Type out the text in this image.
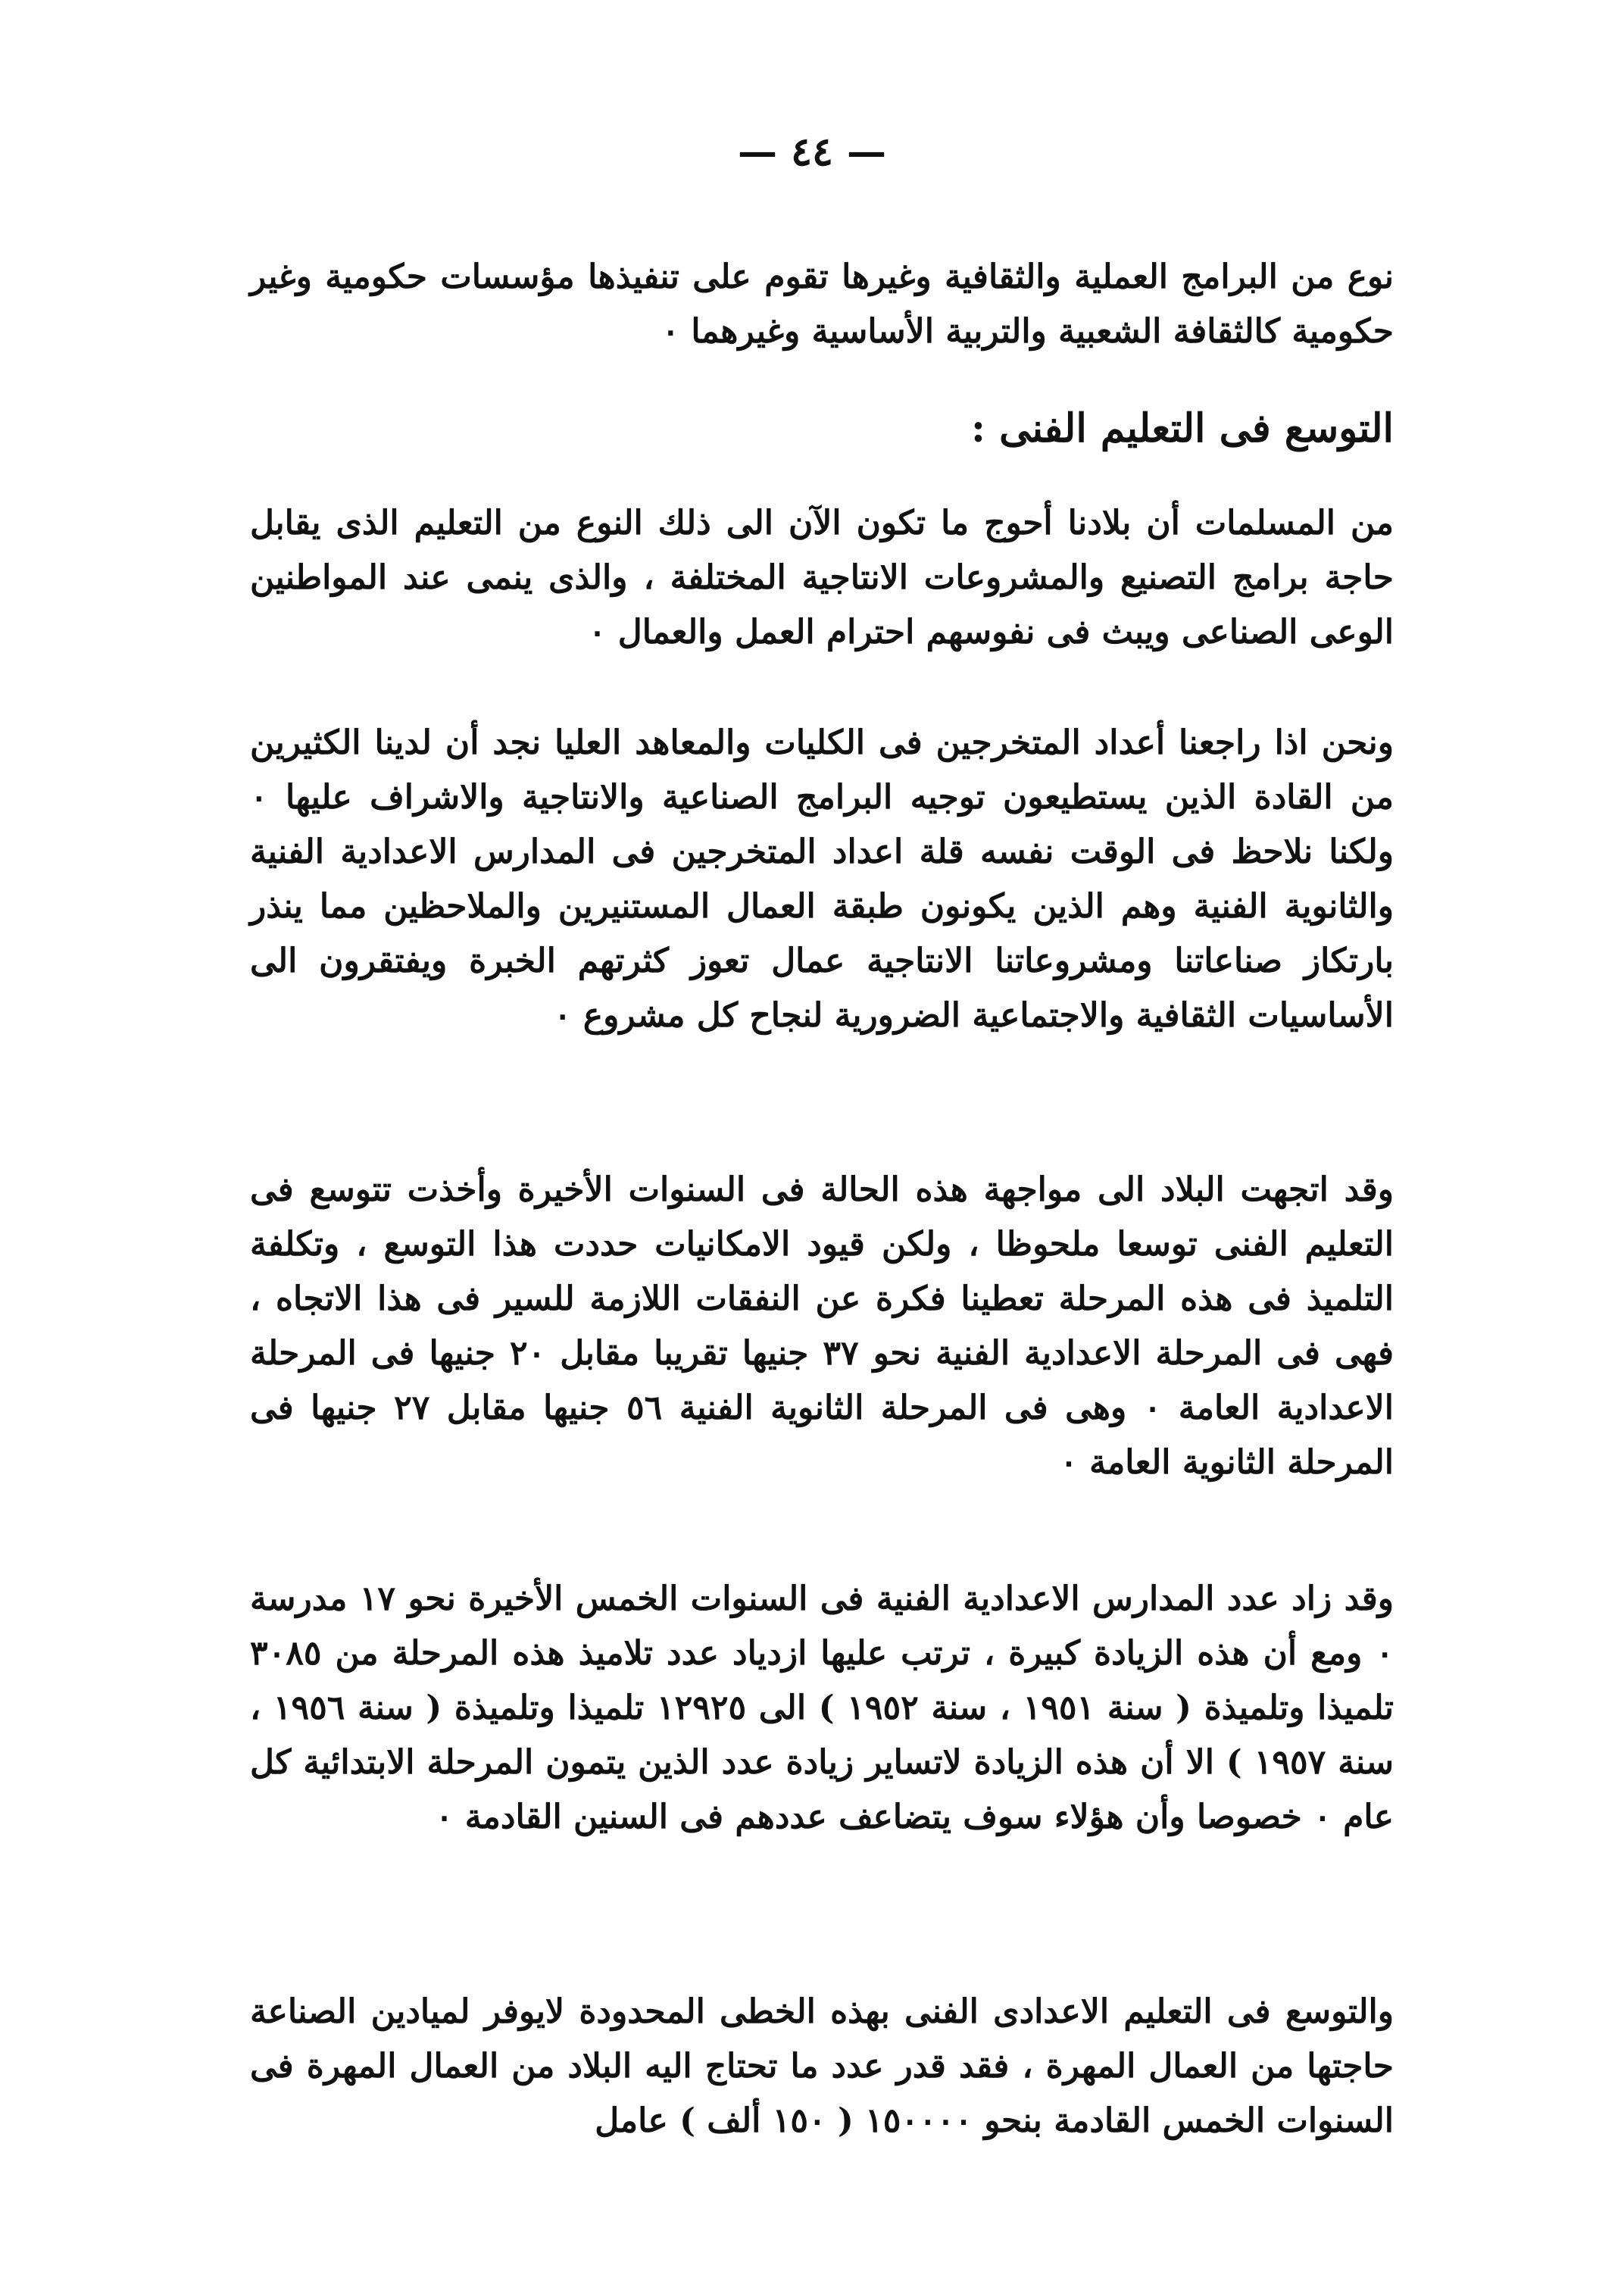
— ٤٤ —

نوع من البرامج العملية والثقافية وغيرها تقوم على تنفيذها مؤسسات حكومية وغير حكومية كالثقافة الشعبية والتربية الأساسية وغيرهما ٠

التوسع فى التعليم الفنى :

من المسلمات أن بلادنا أحوج ما تكون الآن الى ذلك النوع من التعليم الذى يقابل حاجة برامج التصنيع والمشروعات الانتاجية المختلفة ، والذى ينمى عند المواطنين الوعى الصناعى ويبث فى نفوسهم احترام العمل والعمال ٠

ونحن اذا راجعنا أعداد المتخرجين فى الكليات والمعاهد العليا نجد أن لدينا الكثيرين من القادة الذين يستطيعون توجيه البرامج الصناعية والانتاجية والاشراف عليها ٠ ولكنا نلاحظ فى الوقت نفسه قلة اعداد المتخرجين فى المدارس الاعدادية الفنية والثانوية الفنية وهم الذين يكونون طبقة العمال المستنيرين والملاحظين مما ينذر بارتكاز صناعاتنا ومشروعاتنا الانتاجية عمال تعوز كثرتهم الخبرة ويفتقرون الى الأساسيات الثقافية والاجتماعية الضرورية لنجاح كل مشروع ٠

وقد اتجهت البلاد الى مواجهة هذه الحالة فى السنوات الأخيرة وأخذت تتوسع فى التعليم الفنى توسعا ملحوظا ، ولكن قيود الامكانيات حددت هذا التوسع ، وتكلفة التلميذ فى هذه المرحلة تعطينا فكرة عن النفقات اللازمة للسير فى هذا الاتجاه ، فهى فى المرحلة الاعدادية الفنية نحو ٣٧ جنيها تقريبا مقابل ٢٠ جنيها فى المرحلة الاعدادية العامة ٠ وهى فى المرحلة الثانوية الفنية ٥٦ جنيها مقابل ٢٧ جنيها فى المرحلة الثانوية العامة ٠

وقد زاد عدد المدارس الاعدادية الفنية فى السنوات الخمس الأخيرة نحو ١٧ مدرسة ٠ ومع أن هذه الزيادة كبيرة ، ترتب عليها ازدياد عدد تلاميذ هذه المرحلة من ٣٠٨٥ تلميذا وتلميذة ( سنة ١٩٥١ ، سنة ١٩٥٢ ) الى ١٢٩٢٥ تلميذا وتلميذة ( سنة ١٩٥٦ ، سنة ١٩٥٧ ) الا أن هذه الزيادة لاتساير زيادة عدد الذين يتمون المرحلة الابتدائية كل عام ٠ خصوصا وأن هؤلاء سوف يتضاعف عددهم فى السنين القادمة ٠

والتوسع فى التعليم الاعدادى الفنى بهذه الخطى المحدودة لايوفر لميادين الصناعة حاجتها من العمال المهرة ، فقد قدر عدد ما تحتاج اليه البلاد من العمال المهرة فى السنوات الخمس القادمة بنحو ١٥٠٠٠٠ ( ١٥٠ ألف ) عامل
